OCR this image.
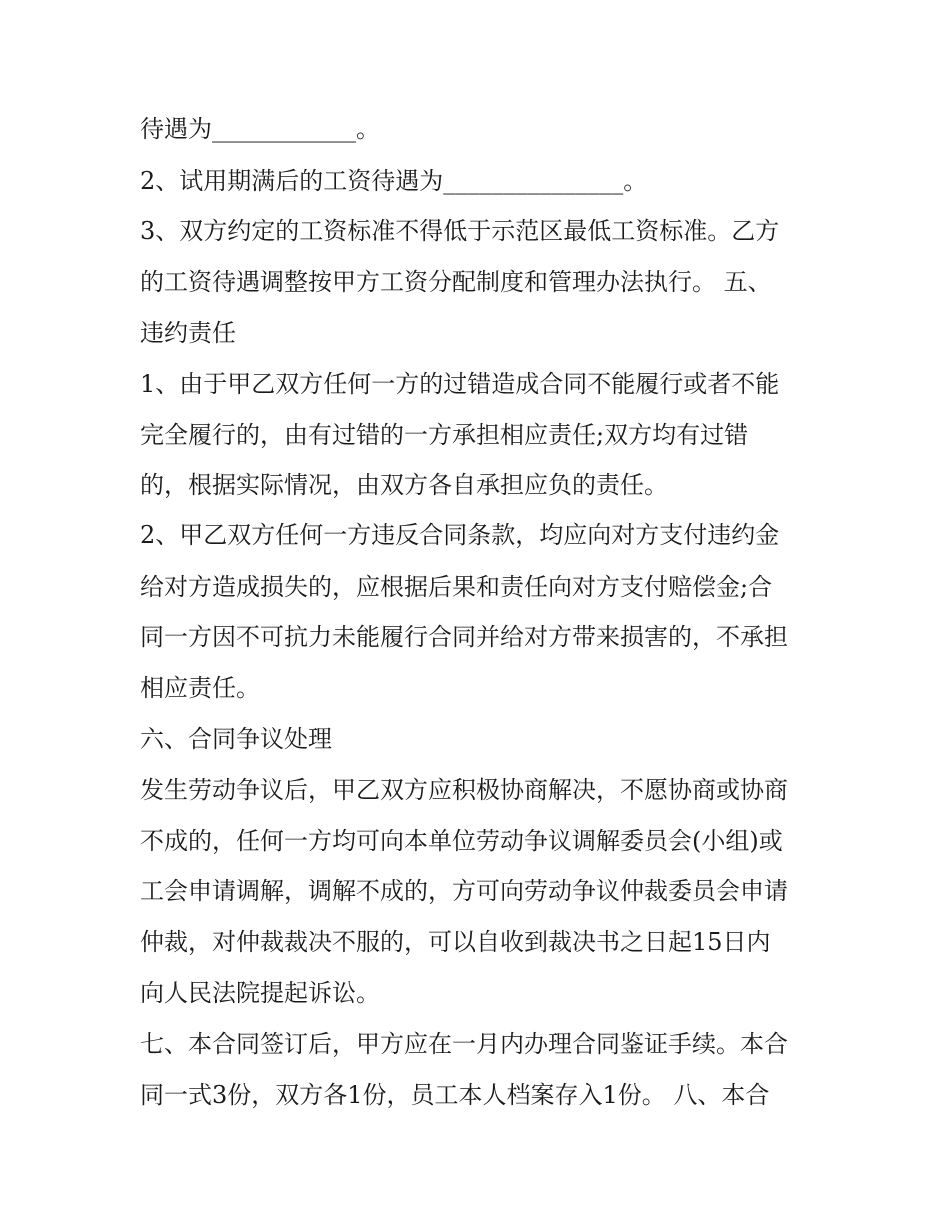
待遇为____________。
2、试用期满后的工资待遇为_______________。
3、双方约定的工资标准不得低于示范区最低工资标准。乙方
的工资待遇调整按甲方工资分配制度和管理办法执行。 五、
违约责任
1、由于甲乙双方任何一方的过错造成合同不能履行或者不能
完全履行的，由有过错的一方承担相应责任;双方均有过错
的，根据实际情况，由双方各自承担应负的责任。
2、甲乙双方任何一方违反合同条款，均应向对方支付违约金
给对方造成损失的，应根据后果和责任向对方支付赔偿金;合
同一方因不可抗力未能履行合同并给对方带来损害的，不承担
相应责任。
六、合同争议处理
发生劳动争议后，甲乙双方应积极协商解决，不愿协商或协商
不成的，任何一方均可向本单位劳动争议调解委员会(小组)或
工会申请调解，调解不成的，方可向劳动争议仲裁委员会申请
仲裁，对仲裁裁决不服的，可以自收到裁决书之日起15日内
向人民法院提起诉讼。
七、本合同签订后，甲方应在一月内办理合同鉴证手续。本合
同一式3份，双方各1份，员工本人档案存入1份。 八、本合
